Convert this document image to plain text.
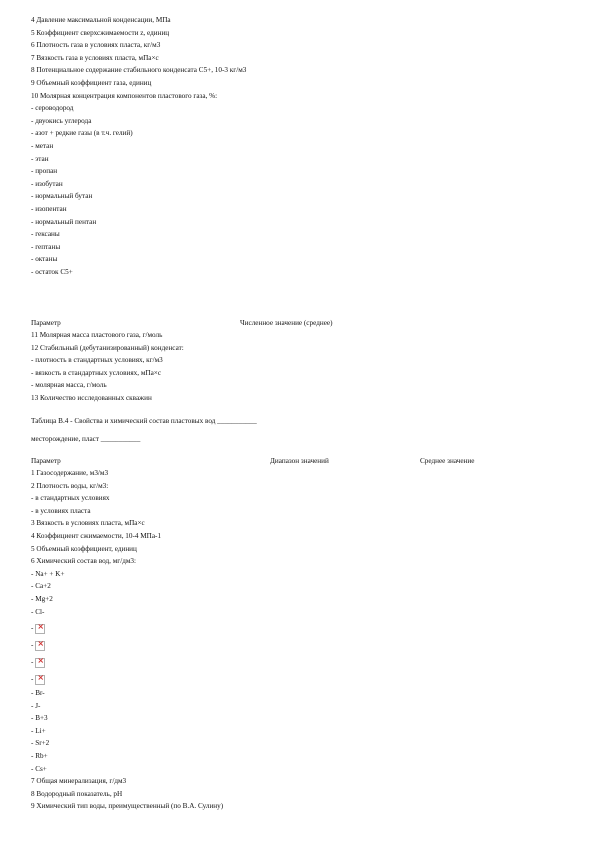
4 Давление максимальной конденсации, МПа
5 Коэффициент сверхсжимаемости z, единиц
6 Плотность газа в условиях пласта, кг/м3
7 Вязкость газа в условиях пласта, мПа×с
8 Потенциальное содержание стабильного конденсата С5+, 10-3 кг/м3
9 Объемный коэффициент газа, единиц
10 Молярная концентрация компонентов пластового газа, %:
- сероводород
- двуокись углерода
- азот + редкие газы (в т.ч. гелий)
- метан
- этан
- пропан
- изобутан
- нормальный бутан
- изопентан
- нормальный пентан
- гексаны
- гептаны
- октаны
- остаток С5+
Параметр	Численное значение (среднее)
11 Молярная масса пластового газа, г/моль
12 Стабильный (дебутанизированный) конденсат:
- плотность в стандартных условиях, кг/м3
- вязкость в стандартных условиях, мПа×с
- молярная масса, г/моль
13 Количество исследованных скважин
Таблица В.4 - Свойства и химический состав пластовых вод ___________
месторождение, пласт ___________
Параметр	Диапазон значений	Среднее значение
1 Газосодержание, м3/м3
2 Плотность воды, кг/м3:
- в стандартных условиях
- в условиях пласта
3 Вязкость в условиях пласта, мПа×с
4 Коэффициент сжимаемости, 10-4 МПа-1
5 Объемный коэффициент, единиц
6 Химический состав вод, мг/дм3:
- Na+ + K+
- Ca+2
- Mg+2
- Cl-
-
×
-
×
-
×
-
×
- Br-
- J-
- B+3
- Li+
- Sr+2
- Rb+
- Cs+
7 Общая минерализация, г/дм3
8 Водородный показатель, pH
9 Химический тип воды, преимущественный (по В.А. Сулину)
